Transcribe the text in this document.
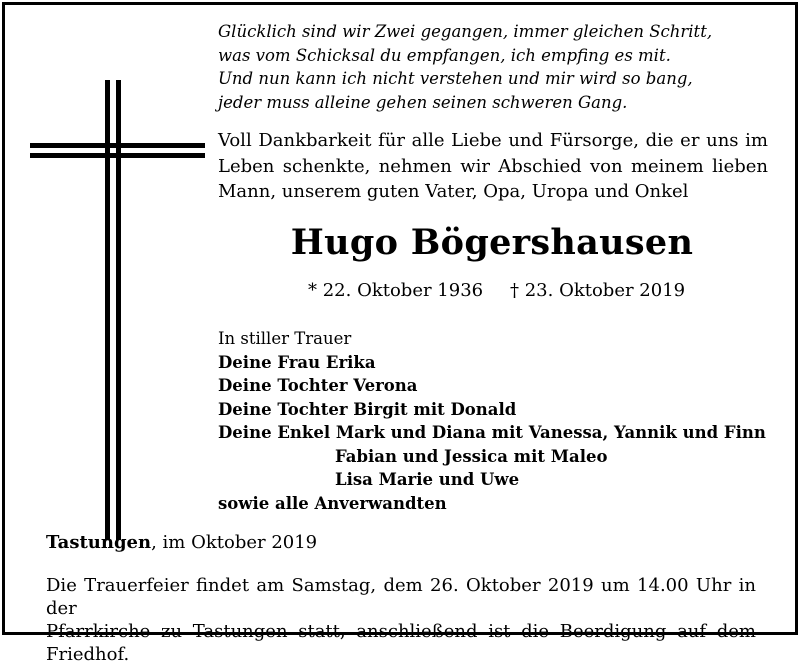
Glücklich sind wir Zwei gegangen, immer gleichen Schritt,
was vom Schicksal du empfangen, ich empfing es mit.
Und nun kann ich nicht verstehen und mir wird so bang,
jeder muss alleine gehen seinen schweren Gang.
Voll Dankbarkeit für alle Liebe und Fürsorge, die er uns im
Leben schenkte, nehmen wir Abschied von meinem lieben
Mann, unserem guten Vater, Opa, Uropa und Onkel
Hugo Bögershausen
* 22. Oktober 1936 † 23. Oktober 2019
In stiller Trauer
Deine Frau Erika
Deine Tochter Verona
Deine Tochter Birgit mit Donald
Deine Enkel Mark und Diana mit Vanessa, Yannik und Finn
Fabian und Jessica mit Maleo
Lisa Marie und Uwe
sowie alle Anverwandten
Tastungen, im Oktober 2019
Die Trauerfeier findet am Samstag, dem 26. Oktober 2019 um 14.00 Uhr in der
Pfarrkirche zu Tastungen statt, anschließend ist die Beerdigung auf dem Friedhof.
